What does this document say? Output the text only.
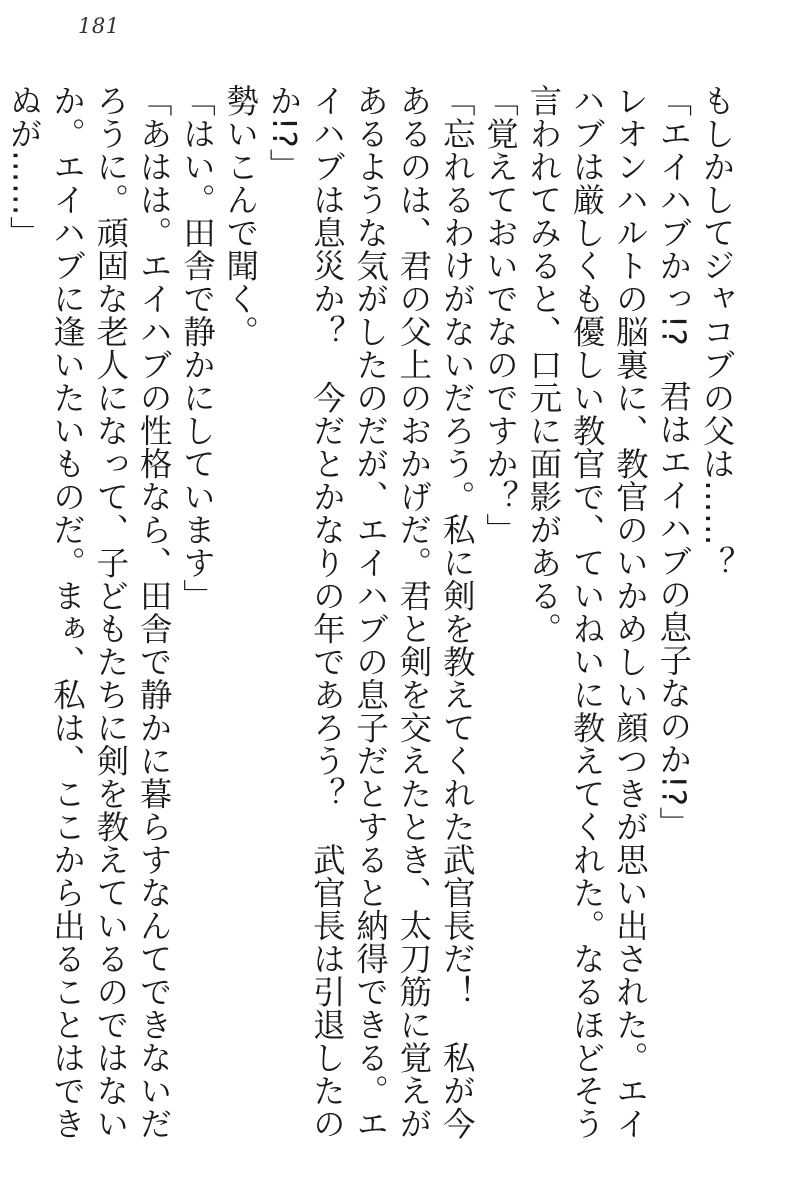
181

もしかしてジャコブの父は……？

「エイハブかっ!?　君はエイハブの息子なのか!?」

レオンハルトの脳裏に、教官のいかめしい顔つきが思い出された。エイハブは厳しくも優しい教官で、ていねいに教えてくれた。なるほどそう言われてみると、口元に面影がある。

「覚えておいでなのですか？」

「忘れるわけがないだろう。私に剣を教えてくれた武官長だ！　私が今あるのは、君の父上のおかげだ。君と剣を交えたとき、太刀筋に覚えがあるような気がしたのだが、エイハブの息子だとすると納得できる。エイハブは息災か？　今だとかなりの年であろう？　武官長は引退したのか!?」

勢いこんで聞く。

「はい。田舎で静かにしています」

「あはは。エイハブの性格なら、田舎で静かに暮らすなんてできないだろうに。頑固な老人になって、子どもたちに剣を教えているのではないか。エイハブに逢いたいものだ。まぁ、私は、ここから出ることはできぬが……」
